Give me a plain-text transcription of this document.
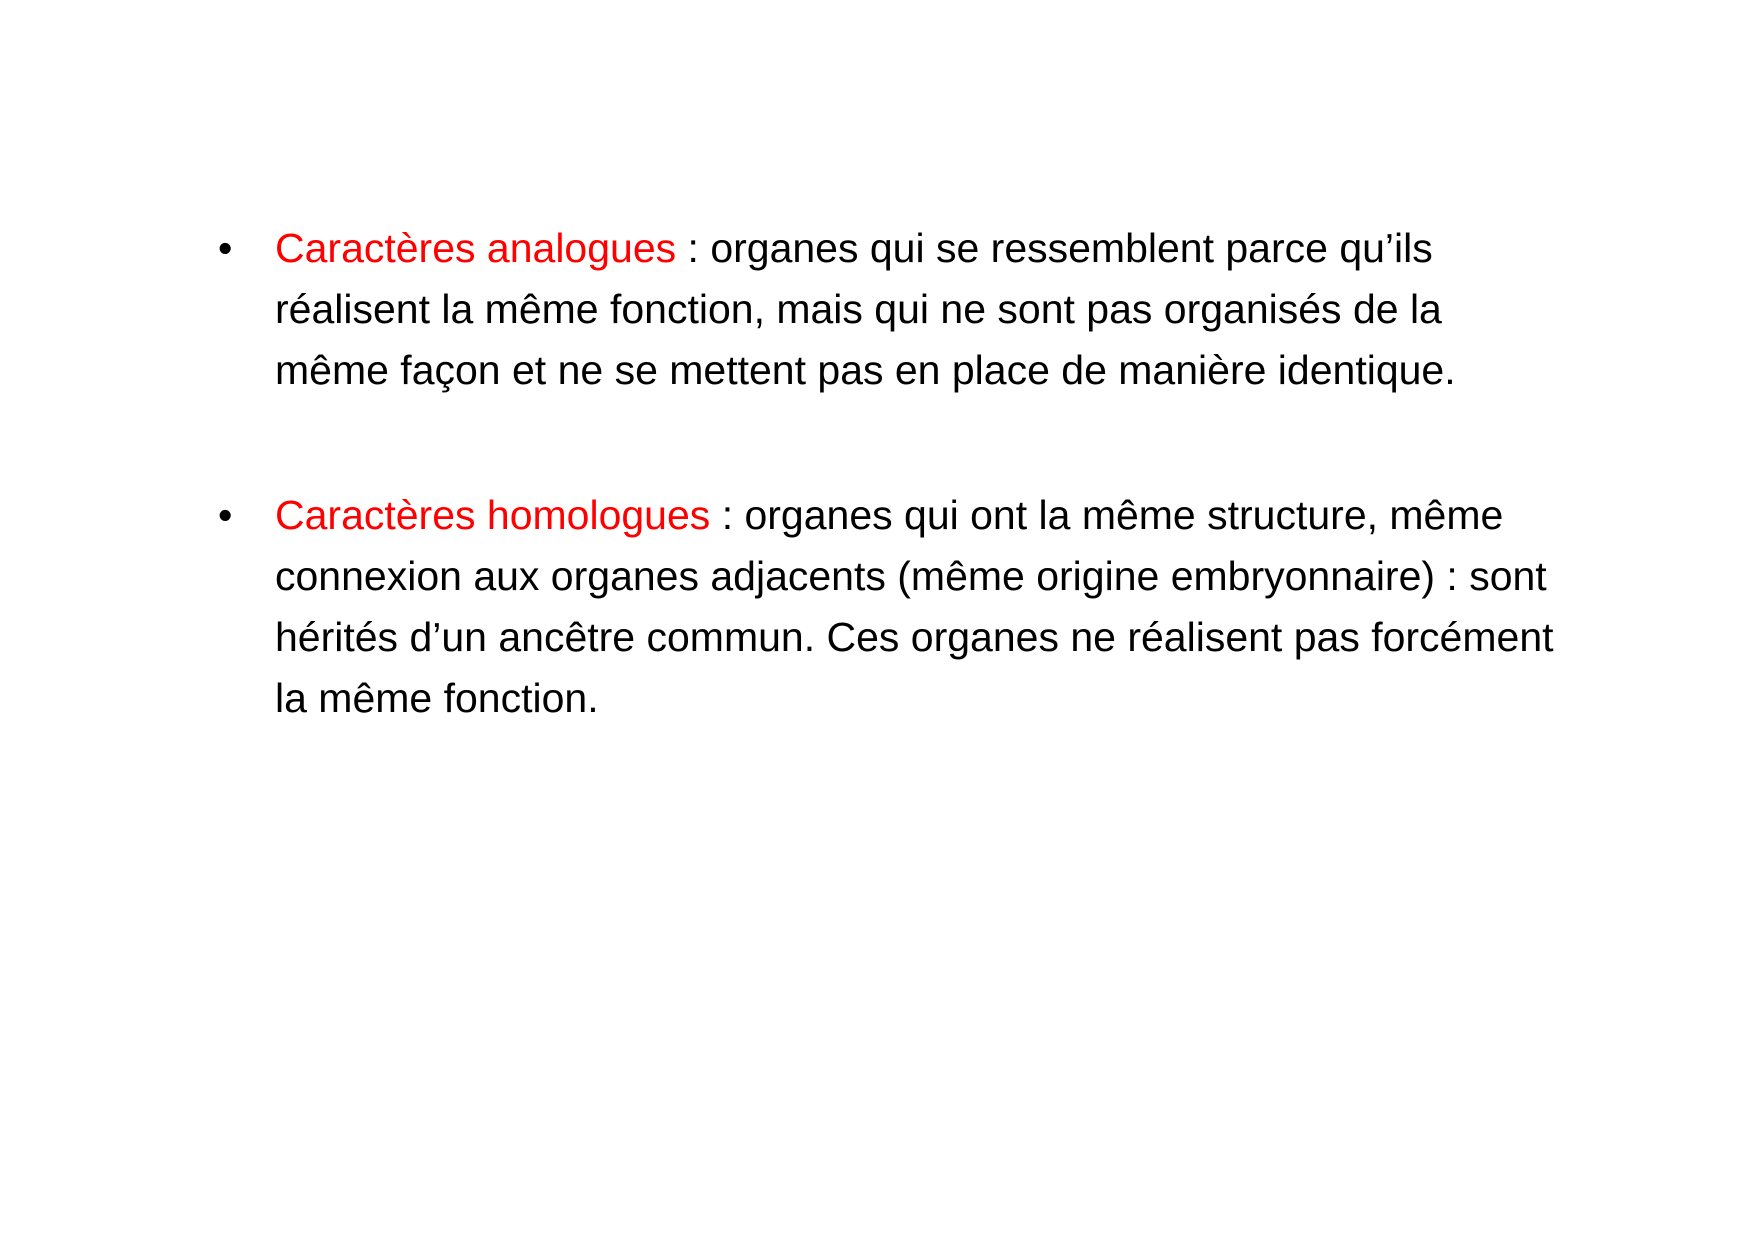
•	Caractères analogues : organes qui se ressemblent parce qu’ils réalisent la même fonction, mais qui ne sont pas organisés de la même façon et ne se mettent pas en place de manière identique.
•	Caractères homologues : organes qui ont la même structure, même connexion aux organes adjacents (même origine embryonnaire) : sont hérités d’un ancêtre commun. Ces organes ne réalisent pas forcément la même fonction.
